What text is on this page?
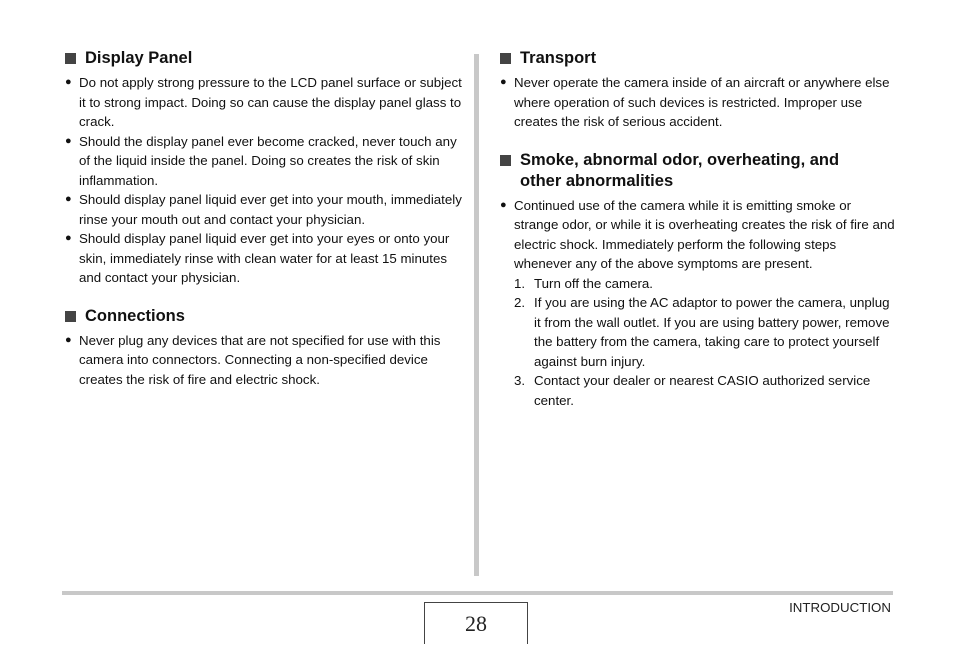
Display Panel
● Do not apply strong pressure to the LCD panel surface or subject it to strong impact. Doing so can cause the display panel glass to crack.
● Should the display panel ever become cracked, never touch any of the liquid inside the panel. Doing so creates the risk of skin inflammation.
● Should display panel liquid ever get into your mouth, immediately rinse your mouth out and contact your physician.
● Should display panel liquid ever get into your eyes or onto your skin, immediately rinse with clean water for at least 15 minutes and contact your physician.
Connections
● Never plug any devices that are not specified for use with this camera into connectors. Connecting a non-specified device creates the risk of fire and electric shock.
Transport
● Never operate the camera inside of an aircraft or anywhere else where operation of such devices is restricted. Improper use creates the risk of serious accident.
Smoke, abnormal odor, overheating, and
other abnormalities
● Continued use of the camera while it is emitting smoke or strange odor, or while it is overheating creates the risk of fire and electric shock. Immediately perform the following steps whenever any of the above symptoms are present.
1. Turn off the camera.
2. If you are using the AC adaptor to power the camera, unplug it from the wall outlet. If you are using battery power, remove the battery from the camera, taking care to protect yourself against burn injury.
3. Contact your dealer or nearest CASIO authorized service center.
28
INTRODUCTION
